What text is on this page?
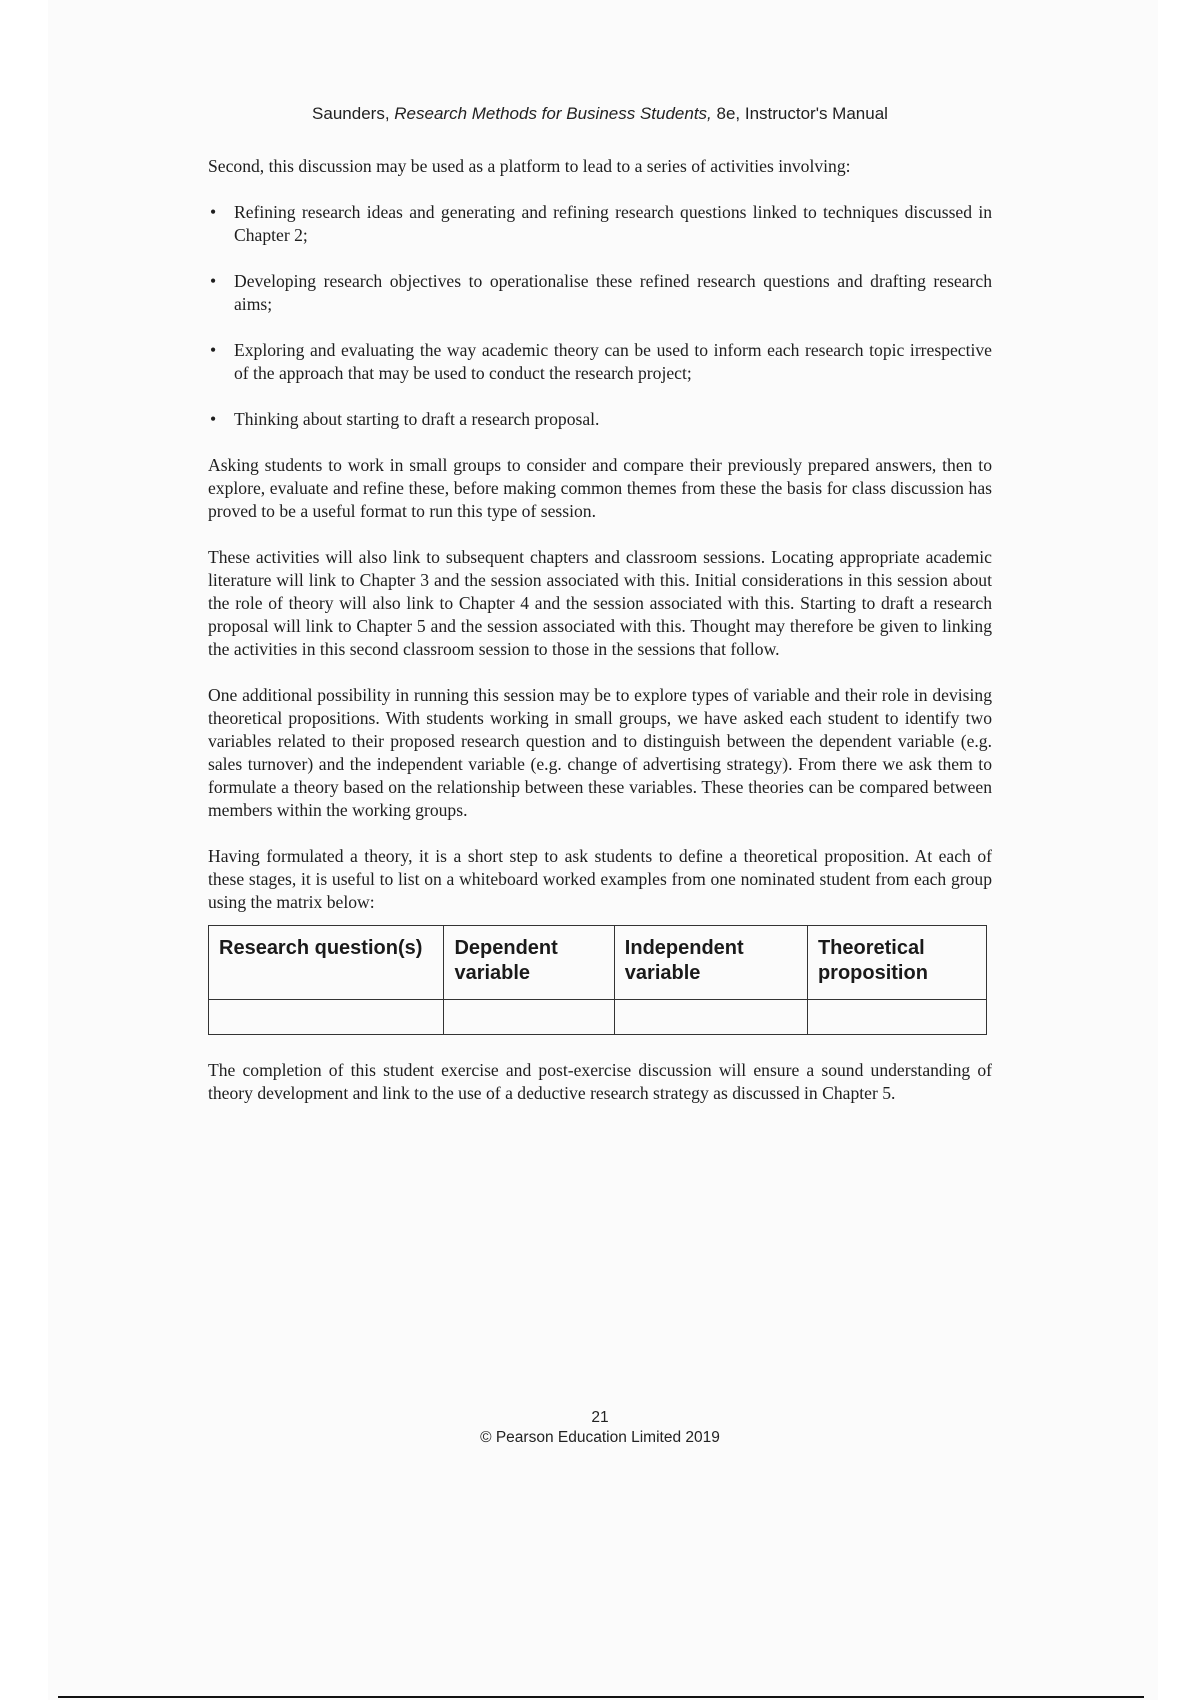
Saunders, Research Methods for Business Students, 8e, Instructor's Manual

Second, this discussion may be used as a platform to lead to a series of activities involving:

• Refining research ideas and generating and refining research questions linked to techniques discussed in Chapter 2;
• Developing research objectives to operationalise these refined research questions and drafting research aims;
• Exploring and evaluating the way academic theory can be used to inform each research topic irrespective of the approach that may be used to conduct the research project;
• Thinking about starting to draft a research proposal.

Asking students to work in small groups to consider and compare their previously prepared answers, then to explore, evaluate and refine these, before making common themes from these the basis for class discussion has proved to be a useful format to run this type of session.

These activities will also link to subsequent chapters and classroom sessions. Locating appropriate academic literature will link to Chapter 3 and the session associated with this. Initial considerations in this session about the role of theory will also link to Chapter 4 and the session associated with this. Starting to draft a research proposal will link to Chapter 5 and the session associated with this. Thought may therefore be given to linking the activities in this second classroom session to those in the sessions that follow.

One additional possibility in running this session may be to explore types of variable and their role in devising theoretical propositions. With students working in small groups, we have asked each student to identify two variables related to their proposed research question and to distinguish between the dependent variable (e.g. sales turnover) and the independent variable (e.g. change of advertising strategy). From there we ask them to formulate a theory based on the relationship between these variables. These theories can be compared between members within the working groups.

Having formulated a theory, it is a short step to ask students to define a theoretical proposition. At each of these stages, it is useful to list on a whiteboard worked examples from one nominated student from each group using the matrix below:

Research question(s)	Dependent variable	Independent variable	Theoretical proposition

The completion of this student exercise and post-exercise discussion will ensure a sound understanding of theory development and link to the use of a deductive research strategy as discussed in Chapter 5.

21
© Pearson Education Limited 2019
